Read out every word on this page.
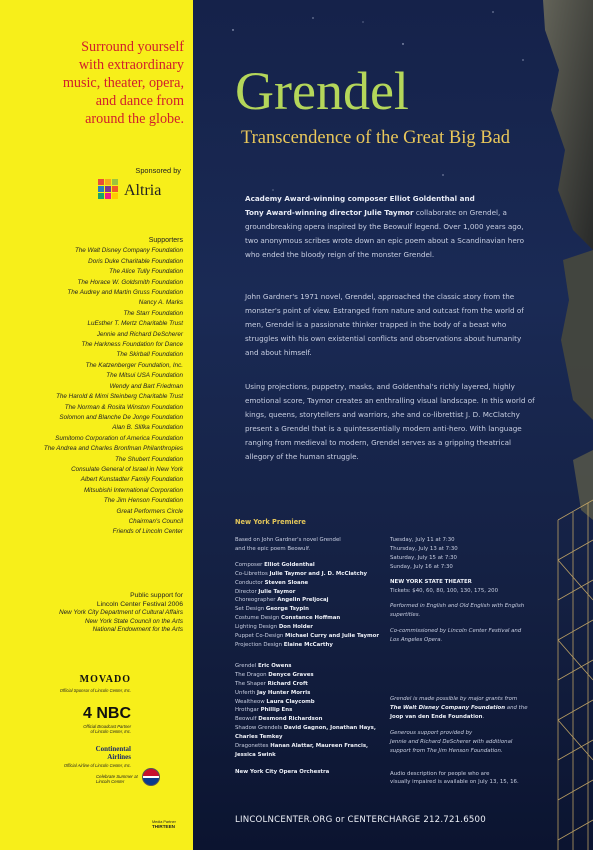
Surround yourself
with extraordinary
music, theater, opera,
and dance from
around the globe.
Sponsored by
Altria
Supporters
The Walt Disney Company Foundation
Doris Duke Charitable Foundation
The Alice Tully Foundation
The Horace W. Goldsmith Foundation
The Audrey and Martin Gruss Foundation
Nancy A. Marks
The Starr Foundation
LuEsther T. Mertz Charitable Trust
Jennie and Richard DeScherer
The Harkness Foundation for Dance
The Skirball Foundation
The Katzenberger Foundation, Inc.
The Mitsui USA Foundation
Wendy and Bart Friedman
The Harold & Mimi Steinberg Charitable Trust
The Norman & Rosita Winston Foundation
Solomon and Blanche De Jonge Foundation
Alan B. Slifka Foundation
Sumitomo Corporation of America Foundation
The Andrea and Charles Bronfman Philanthropies
The Shubert Foundation
Consulate General of Israel in New York
Albert Kunstadter Family Foundation
Mitsubishi International Corporation
The Jim Henson Foundation
Great Performers Circle
Chairman's Council
Friends of Lincoln Center
Public support for
Lincoln Center Festival 2006
New York City Department of Cultural Affairs
New York State Council on the Arts
National Endowment for the Arts
MOVADO
Official Sponsor of Lincoln Center, Inc.
4 NBC
Official Broadcast Partner
of Lincoln Center, Inc.
Continental
Airlines
Official Airline of Lincoln Center, Inc.
Celebrate Summer at
Lincoln Center
Media Partner
THIRTEEN
Grendel
Transcendence of the Great Big Bad
Academy Award-winning composer Elliot Goldenthal and
Tony Award-winning director Julie Taymor collaborate on Grendel, a groundbreaking opera inspired by the Beowulf legend. Over 1,000 years ago, two anonymous scribes wrote down an epic poem about a Scandinavian hero who ended the bloody reign of the monster Grendel.
John Gardner's 1971 novel, Grendel, approached the classic story from the monster's point of view. Estranged from nature and outcast from the world of men, Grendel is a passionate thinker trapped in the body of a beast who struggles with his own existential conflicts and observations about humanity and about himself.
Using projections, puppetry, masks, and Goldenthal's richly layered, highly emotional score, Taymor creates an enthralling visual landscape. In this world of kings, queens, storytellers and warriors, she and co-librettist J. D. McClatchy present a Grendel that is a quintessentially modern anti-hero. With language ranging from medieval to modern, Grendel serves as a gripping theatrical allegory of the human struggle.
New York Premiere
Based on John Gardner's novel Grendel
and the epic poem Beowulf.
Composer Elliot Goldenthal
Co-Librettos Julie Taymor and J. D. McClatchy
Conductor Steven Sloane
Director Julie Taymor
Choreographer Angelin Preljocaj
Set Design George Tsypin
Costume Design Constance Hoffman
Lighting Design Don Holder
Puppet Co-Design Michael Curry and Julie Taymor
Projection Design Elaine McCarthy
Grendel Eric Owens
The Dragon Denyce Graves
The Shaper Richard Croft
Unferth Jay Hunter Morris
Wealtheow Laura Claycomb
Hrothgar Phillip Ens
Beowulf Desmond Richardson
Shadow Grendels David Gagnon, Jonathan Hays,
Charles Temkey
Dragonettes Hanan Alattar, Maureen Francis,
Jessica Swink
New York City Opera Orchestra
Tuesday, July 11 at 7:30
Thursday, July 13 at 7:30
Saturday, July 15 at 7:30
Sunday, July 16 at 7:30
NEW YORK STATE THEATER
Tickets: $40, 60, 80, 100, 130, 175, 200
Performed in English and Old English with English
supertitles.
Co-commissioned by Lincoln Center Festival and
Los Angeles Opera.
Grendel is made possible by major grants from
The Walt Disney Company Foundation and the
Joop van den Ende Foundation.
Generous support provided by
Jennie and Richard DeScherer with additional
support from The Jim Henson Foundation.
Audio description for people who are
visually impaired is available on July 13, 15, 16.
LINCOLNCENTER.ORG or CENTERCHARGE 212.721.6500
